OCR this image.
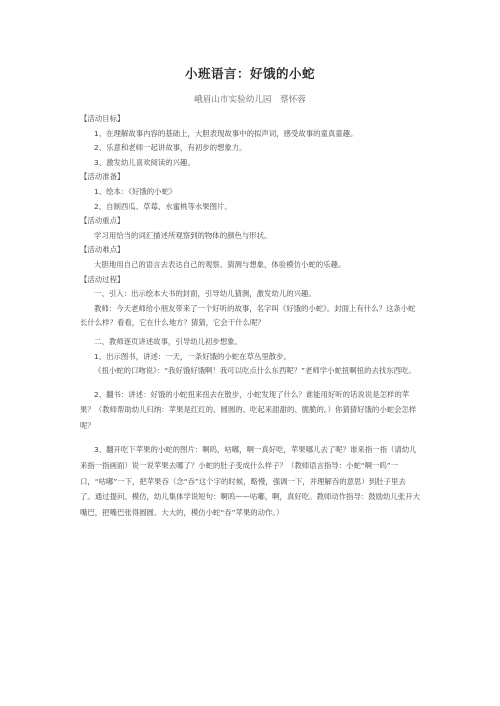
小班语言：好饿的小蛇
峨眉山市实验幼儿园　蔡怀蓉

【活动目标】

1、在理解故事内容的基础上，大胆表现故事中的拟声词，感受故事的童真童趣。

2、乐意和老师一起讲故事，有初步的想象力。

3、激发幼儿喜欢阅读的兴趣。

【活动准备】

1、绘本：《好饿的小蛇》

2、自制西瓜、草莓、水蜜桃等水果图片。

【活动重点】

学习用恰当的词汇描述所观察到的物体的颜色与形状。

【活动难点】

大胆地用自己的语言去表达自己的观察、猜测与想象，体验模仿小蛇的乐趣。

【活动过程】

一、引入：出示绘本大书的封面，引导幼儿猜测，激发幼儿的兴趣。

教师：今天老师给小朋友带来了一个好听的故事，名字叫《好饿的小蛇》。封面上有什么？这条小蛇长什么样？看看，它在什么地方？猜猜，它会干什么呢？

二、教师逐页讲述故事，引导幼儿初步想象。

1、出示图书，讲述：一天，一条好饿的小蛇在草丛里散步。

《扭小蛇的口吻说》：“我好饿好饿啊！我可以吃点什么东西呢？”老师学小蛇扭啊扭的去找东西吃。

2、翻书：讲述：好饿的小蛇扭来扭去在散步，小蛇发现了什么？谁能用好听的话说说是怎样的苹果？（教师帮助幼儿归纳：苹果是红红的、圆圆的、吃起来甜甜的、脆脆的。）你猜猜好饿的小蛇会怎样呢？

3、翻开吃下苹果的小蛇的图片：啊呜，咕嘟，啊一真好吃，苹果哪儿去了呢？谁来指一指（请幼儿来指一指画面）说一说苹果去哪了？小蛇的肚子变成什么样子？（教师语言指导：小蛇“啊一呜”一口，“咕嘟”一下，把苹果吞（念“吞”这个字的时候，略慢，强调一下，并理解吞的意思）到肚子里去了。通过提问、模仿，幼儿集体学说短句：啊呜——咕嘟，啊，真好吃。教师动作指导：鼓励幼儿张开大嘴巴，把嘴巴张得圆圆、大大的，模仿小蛇“吞”苹果的动作。）
